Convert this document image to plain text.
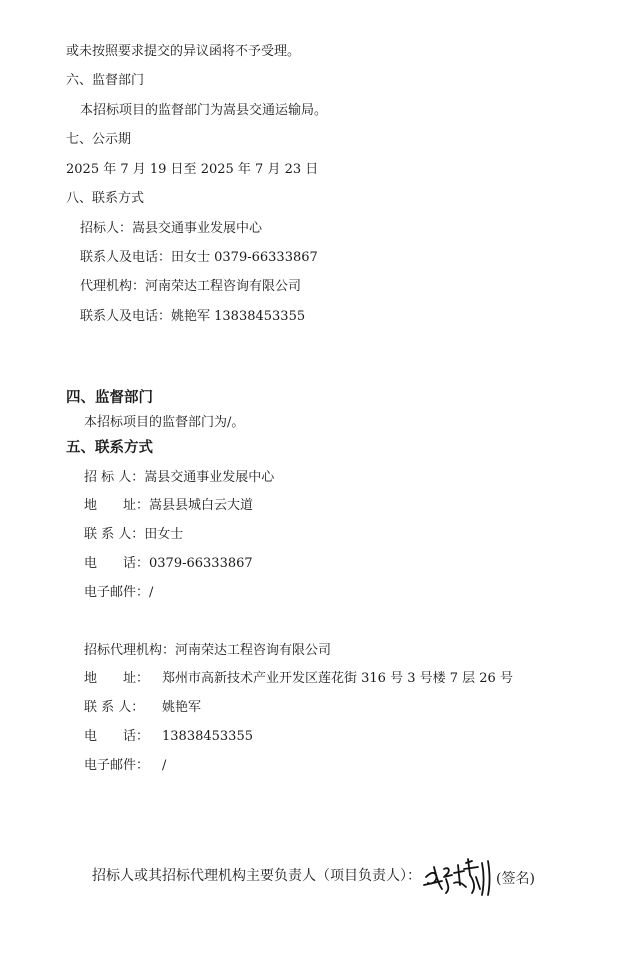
或未按照要求提交的异议函将不予受理。
六、监督部门
本招标项目的监督部门为嵩县交通运输局。
七、公示期
2025 年 7 月 19 日至 2025 年 7 月 23 日
八、联系方式
招标人：嵩县交通事业发展中心
联系人及电话：田女士 0379-66333867
代理机构：河南荣达工程咨询有限公司
联系人及电话：姚艳军 13838453355
四、监督部门
本招标项目的监督部门为/。
五、联系方式
招 标 人：嵩县交通事业发展中心
地　　址：嵩县县城白云大道
联 系 人：田女士
电　　话：0379-66333867
电子邮件：/
招标代理机构：河南荣达工程咨询有限公司
地　　址： 郑州市高新技术产业开发区莲花街 316 号 3 号楼 7 层 26 号
联 系 人： 姚艳军
电　　话： 13838453355
电子邮件： /
招标人或其招标代理机构主要负责人（项目负责人）：	(签名)
